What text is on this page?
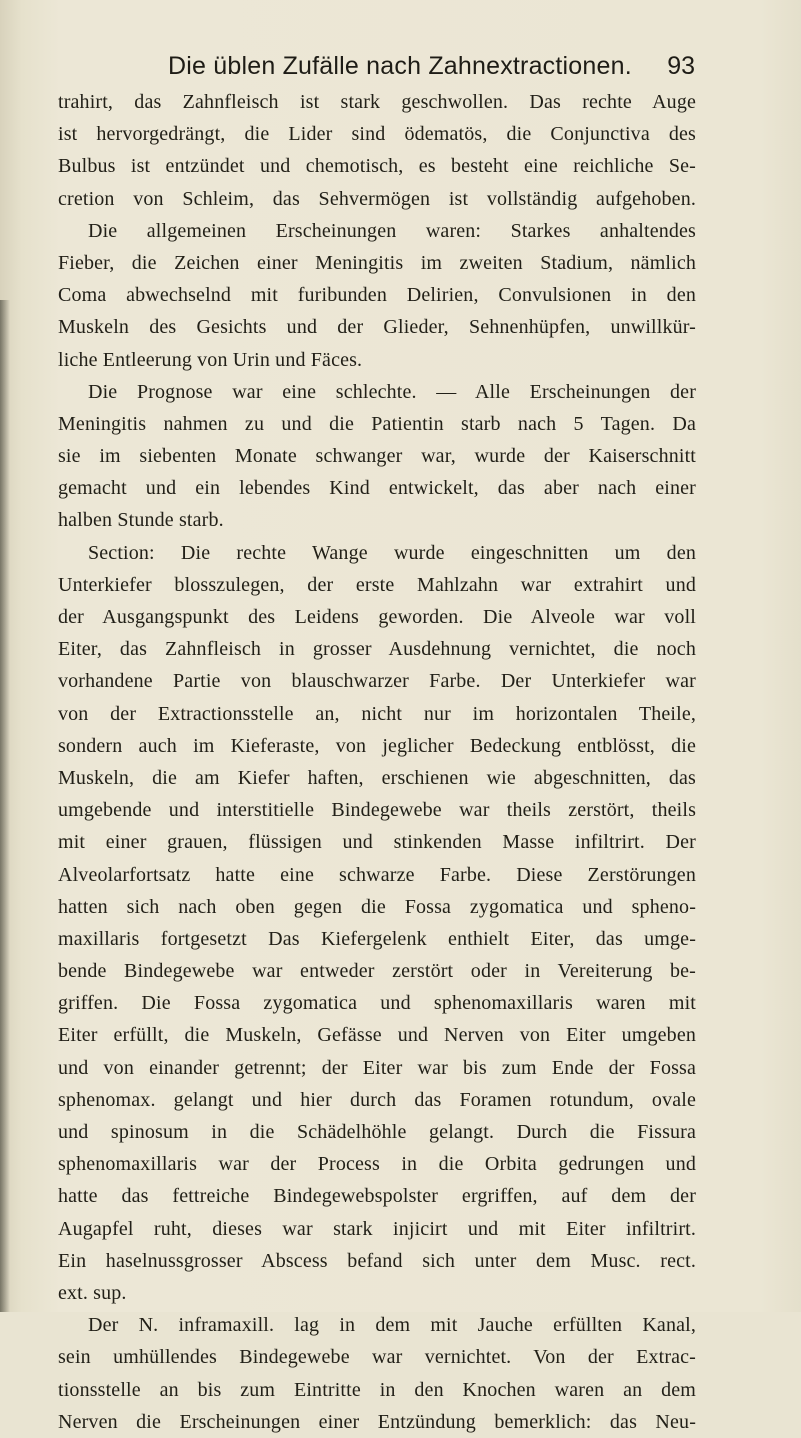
Die üblen Zufälle nach Zahnextractionen. 93
trahirt, das Zahnfleisch ist stark geschwollen. Das rechte Auge
ist hervorgedrängt, die Lider sind ödematös, die Conjunctiva des
Bulbus ist entzündet und chemotisch, es besteht eine reichliche Se-
cretion von Schleim, das Sehvermögen ist vollständig aufgehoben.
Die allgemeinen Erscheinungen waren: Starkes anhaltendes
Fieber, die Zeichen einer Meningitis im zweiten Stadium, nämlich
Coma abwechselnd mit furibunden Delirien, Convulsionen in den
Muskeln des Gesichts und der Glieder, Sehnenhüpfen, unwillkür-
liche Entleerung von Urin und Fäces.
Die Prognose war eine schlechte. — Alle Erscheinungen der
Meningitis nahmen zu und die Patientin starb nach 5 Tagen. Da
sie im siebenten Monate schwanger war, wurde der Kaiserschnitt
gemacht und ein lebendes Kind entwickelt, das aber nach einer
halben Stunde starb.
Section: Die rechte Wange wurde eingeschnitten um den
Unterkiefer blosszulegen, der erste Mahlzahn war extrahirt und
der Ausgangspunkt des Leidens geworden. Die Alveole war voll
Eiter, das Zahnfleisch in grosser Ausdehnung vernichtet, die noch
vorhandene Partie von blauschwarzer Farbe. Der Unterkiefer war
von der Extractionsstelle an, nicht nur im horizontalen Theile,
sondern auch im Kieferaste, von jeglicher Bedeckung entblösst, die
Muskeln, die am Kiefer haften, erschienen wie abgeschnitten, das
umgebende und interstitielle Bindegewebe war theils zerstört, theils
mit einer grauen, flüssigen und stinkenden Masse infiltrirt. Der
Alveolarfortsatz hatte eine schwarze Farbe. Diese Zerstörungen
hatten sich nach oben gegen die Fossa zygomatica und spheno-
maxillaris fortgesetzt Das Kiefergelenk enthielt Eiter, das umge-
bende Bindegewebe war entweder zerstört oder in Vereiterung be-
griffen. Die Fossa zygomatica und sphenomaxillaris waren mit
Eiter erfüllt, die Muskeln, Gefässe und Nerven von Eiter umgeben
und von einander getrennt; der Eiter war bis zum Ende der Fossa
sphenomax. gelangt und hier durch das Foramen rotundum, ovale
und spinosum in die Schädelhöhle gelangt. Durch die Fissura
sphenomaxillaris war der Process in die Orbita gedrungen und
hatte das fettreiche Bindegewebspolster ergriffen, auf dem der
Augapfel ruht, dieses war stark injicirt und mit Eiter infiltrirt.
Ein haselnussgrosser Abscess befand sich unter dem Musc. rect.
ext. sup.
Der N. inframaxill. lag in dem mit Jauche erfüllten Kanal,
sein umhüllendes Bindegewebe war vernichtet. Von der Extrac-
tionsstelle an bis zum Eintritte in den Knochen waren an dem
Nerven die Erscheinungen einer Entzündung bemerklich: das Neu-
